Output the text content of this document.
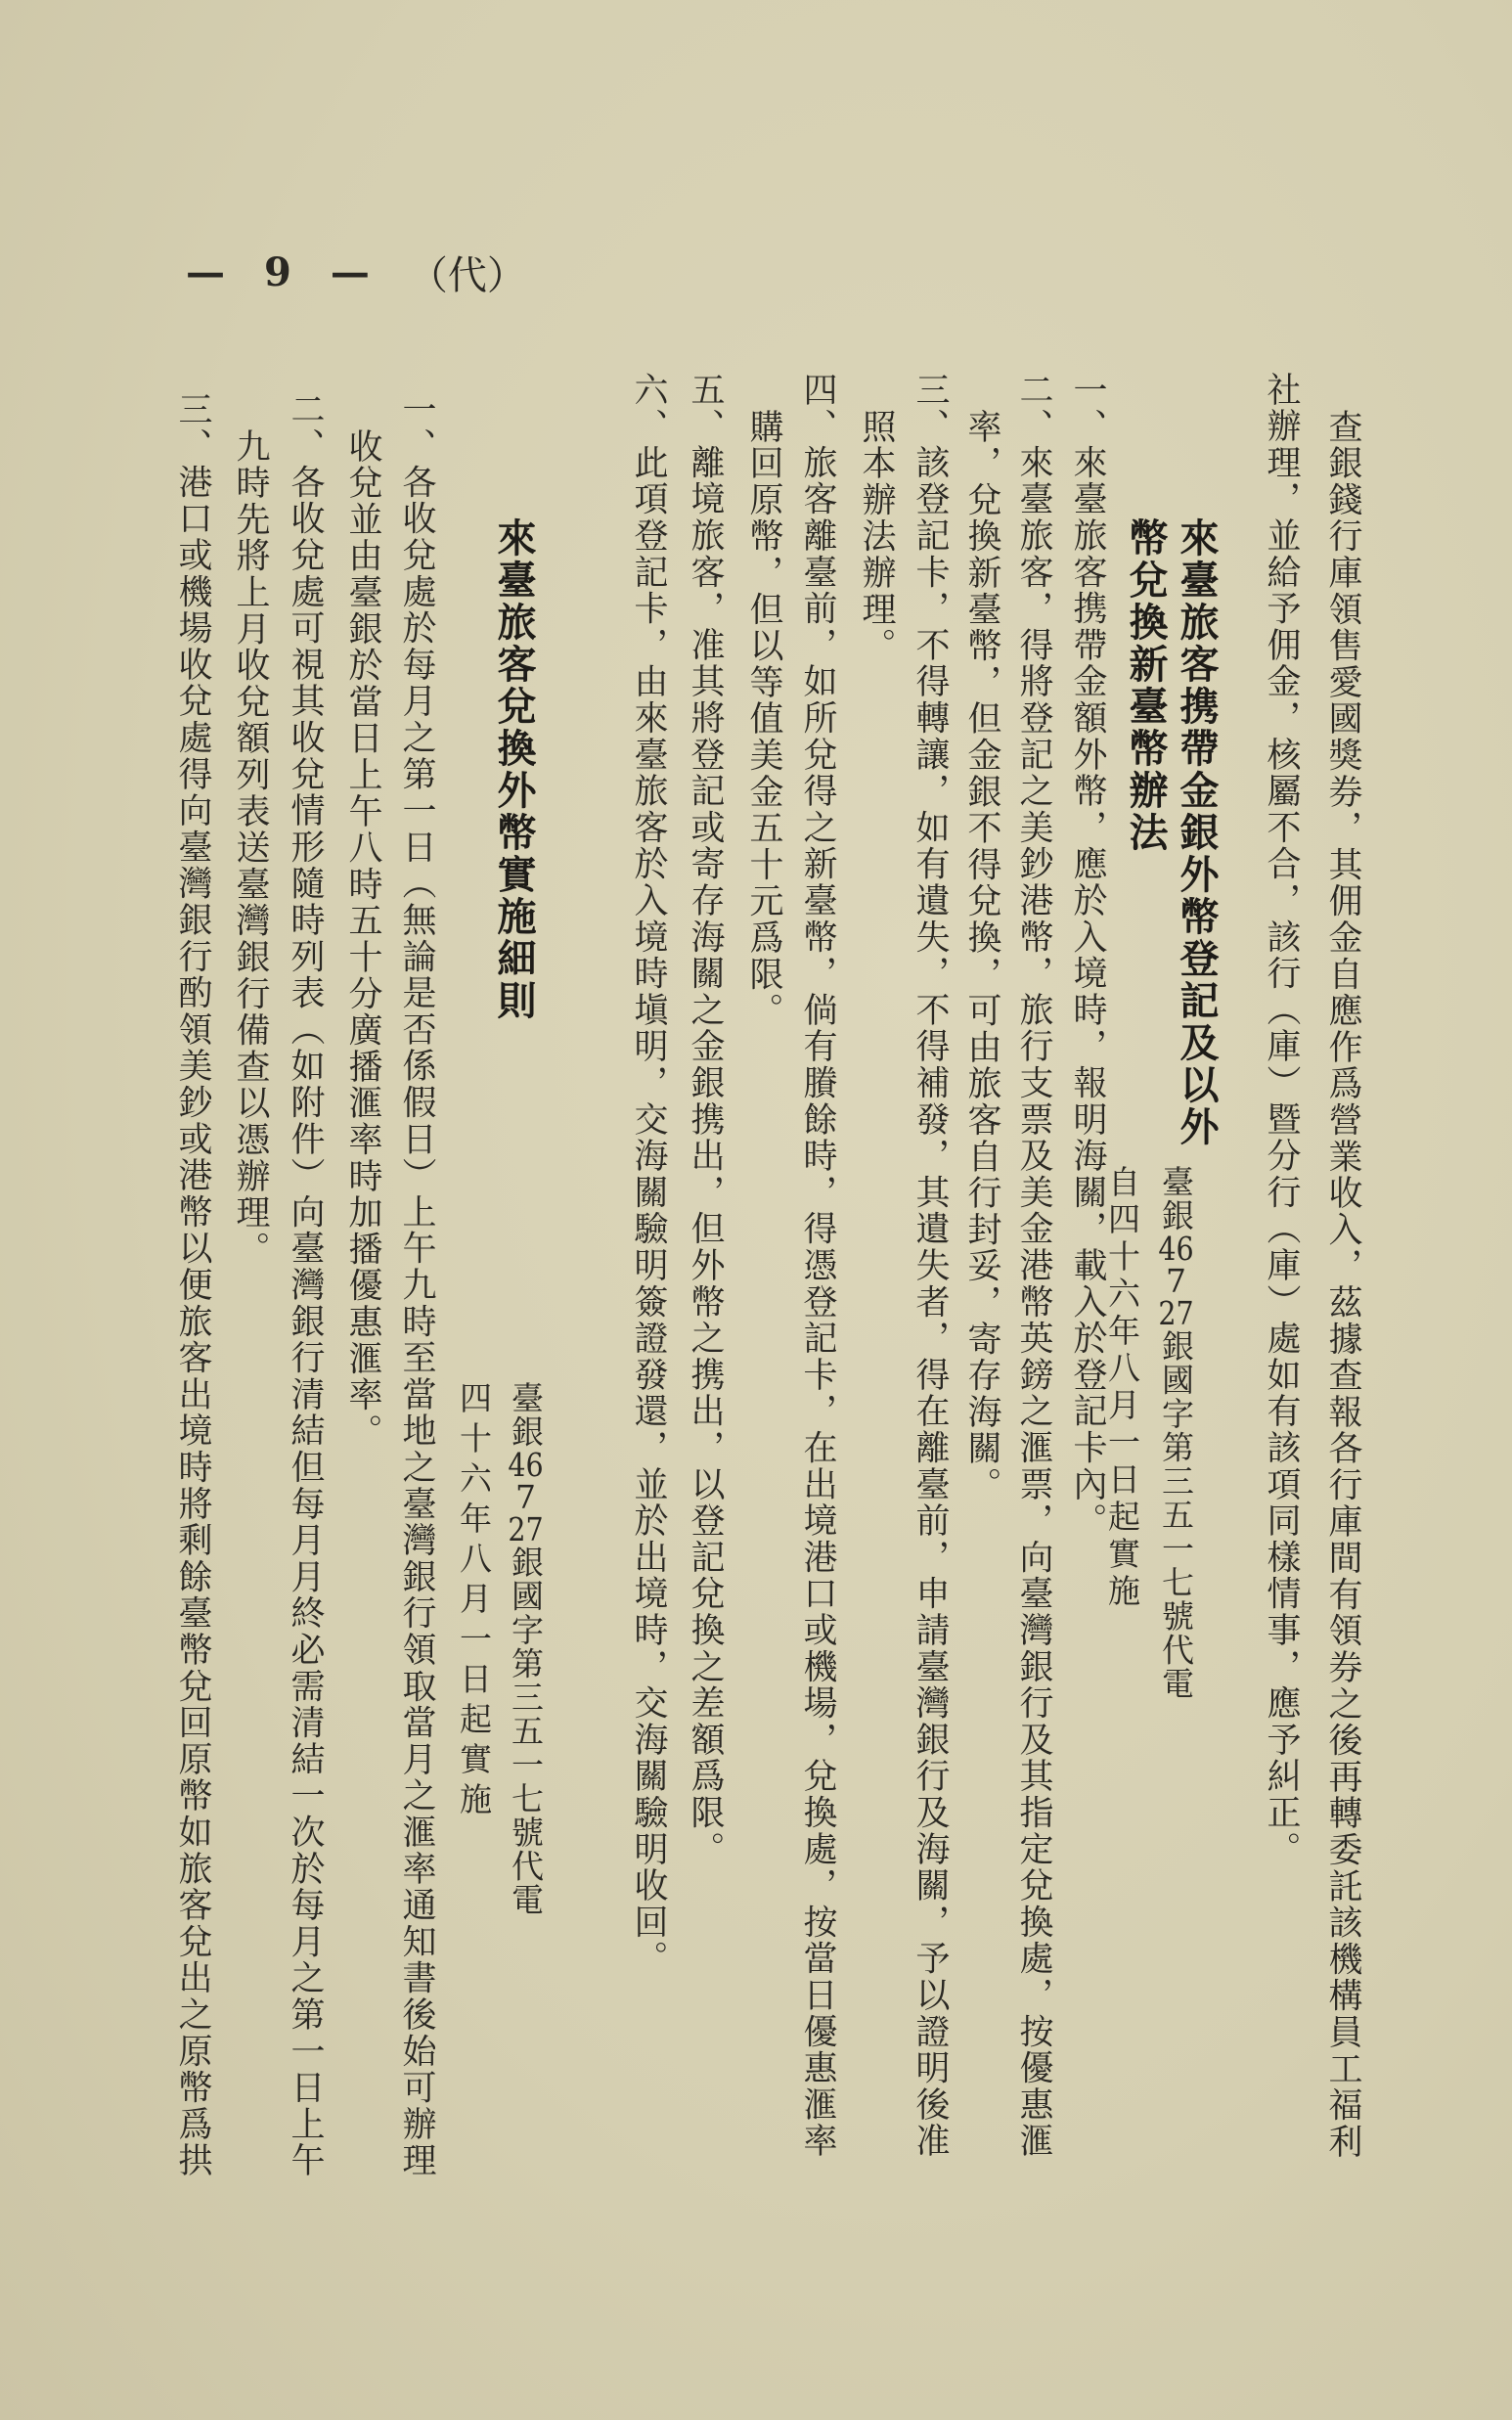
— 9 — （代）
查銀錢行庫領售愛國獎券，其佣金自應作爲營業收入，茲據查報各行庫間有領券之後再轉委託該機構員工福利
社辦理，並給予佣金，核屬不合，該行（庫）暨分行（庫）處如有該項同樣情事，應予糾正。
來臺旅客携帶金銀外幣登記及以外
幣兌換新臺幣辦法
臺銀46727銀國字第三五一七號代電
自四十六年八月一日起實施
一、來臺旅客携帶金額外幣，應於入境時，報明海關，載入於登記卡內。
二、來臺旅客，得將登記之美鈔港幣，旅行支票及美金港幣英鎊之滙票，向臺灣銀行及其指定兌換處，按優惠滙
率，兌換新臺幣，但金銀不得兌換，可由旅客自行封妥，寄存海關。
三、該登記卡，不得轉讓，如有遺失，不得補發，其遺失者，得在離臺前，申請臺灣銀行及海關，予以證明後准
照本辦法辦理。
四、旅客離臺前，如所兌得之新臺幣，倘有賸餘時，得憑登記卡，在出境港口或機場，兌換處，按當日優惠滙率
購回原幣，但以等值美金五十元爲限。
五、離境旅客，准其將登記或寄存海關之金銀携出，但外幣之携出，以登記兌換之差額爲限。
六、此項登記卡，由來臺旅客於入境時塡明，交海關驗明簽證發還，並於出境時，交海關驗明收回。
來臺旅客兌換外幣實施細則
臺銀46727銀國字第三五一七號代電
四十六年八月一日起實施
一、各收兌處於每月之第一日（無論是否係假日）上午九時至當地之臺灣銀行領取當月之滙率通知書後始可辦理
收兌並由臺銀於當日上午八時五十分廣播滙率時加播優惠滙率。
二、各收兌處可視其收兌情形隨時列表（如附件）向臺灣銀行清結但每月月終必需清結一次於每月之第一日上午
九時先將上月收兌額列表送臺灣銀行備查以憑辦理。
三、港口或機場收兌處得向臺灣銀行酌領美鈔或港幣以便旅客出境時將剩餘臺幣兌回原幣如旅客兌出之原幣爲拱
